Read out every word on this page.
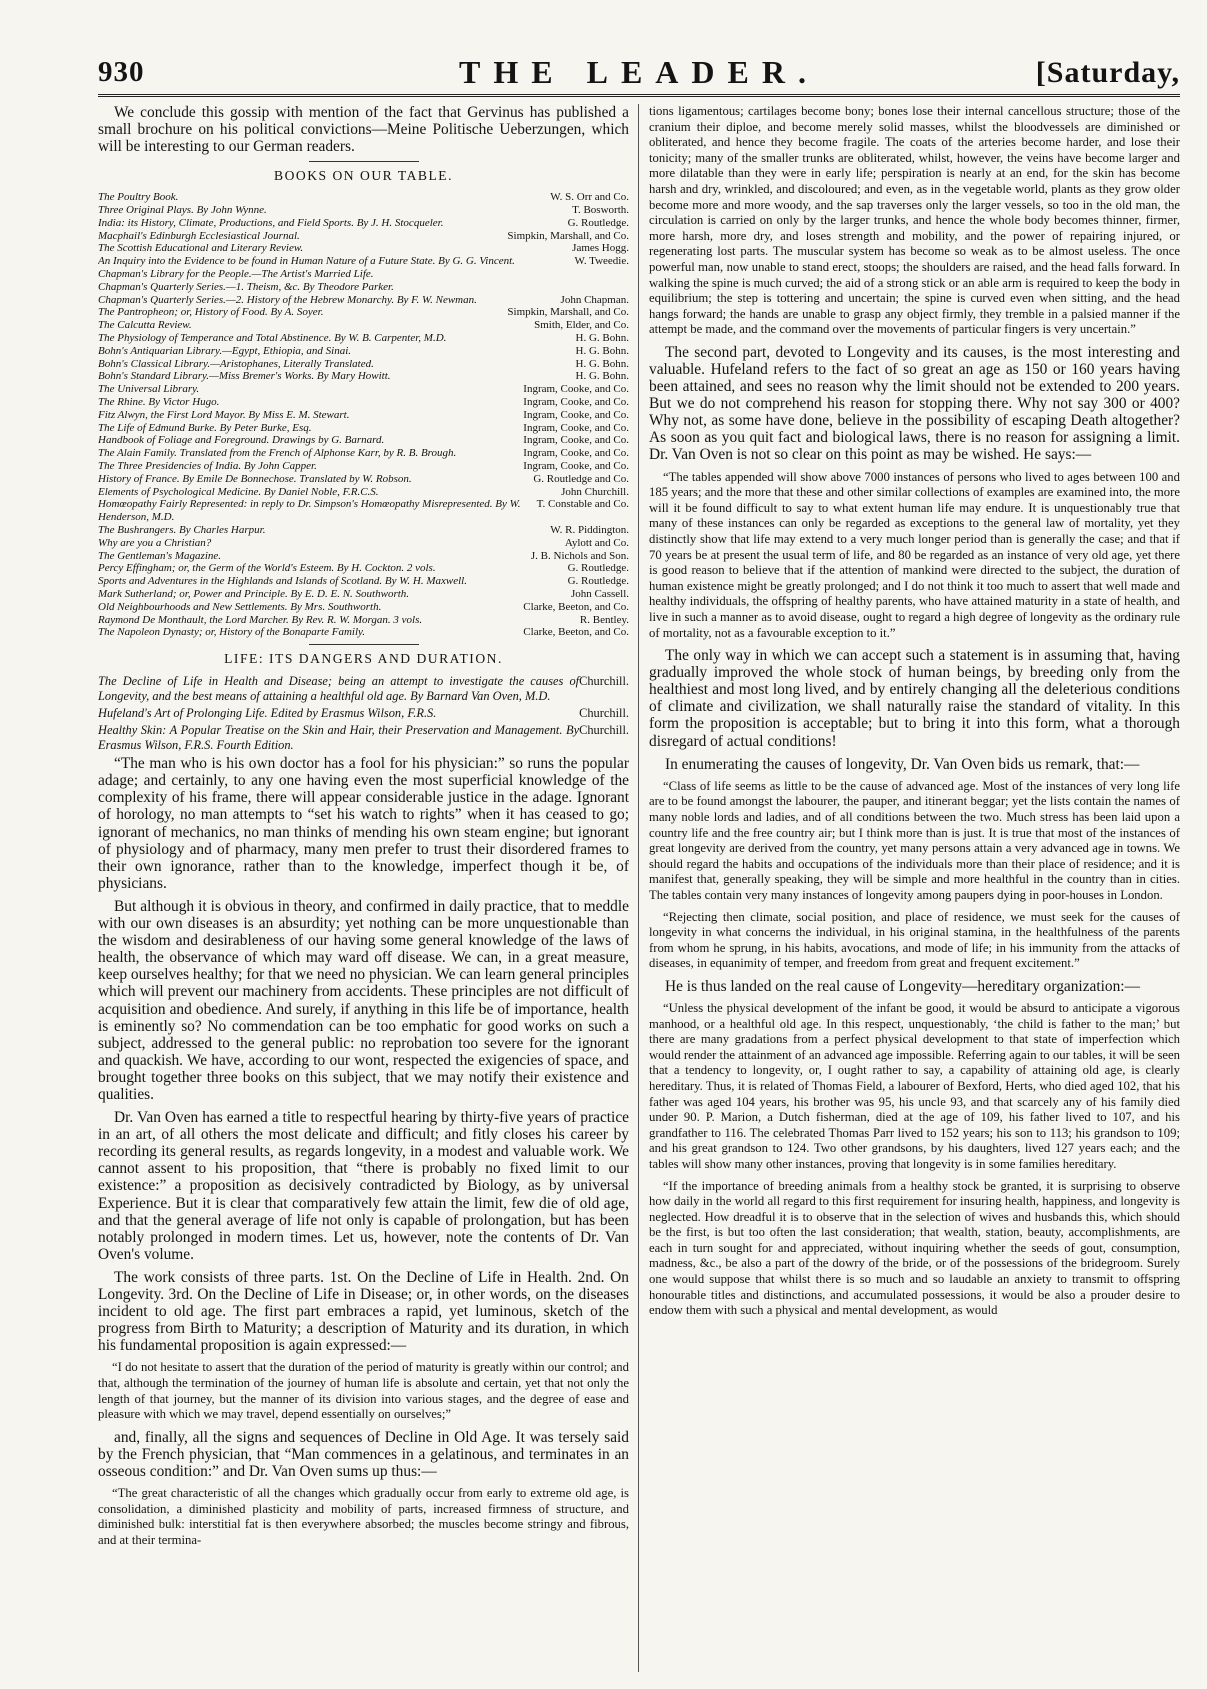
930	THE LEADER.	[Saturday,

We conclude this gossip with mention of the fact that Gervinus has published a small brochure on his political convictions—Meine Politische Ueberzungen, which will be interesting to our German readers.

BOOKS ON OUR TABLE.

W. S. Orr and Co.
The Poultry Book.

T. Bosworth.
Three Original Plays. By John Wynne.

G. Routledge.
India: its History, Climate, Productions, and Field Sports. By J. H. Stocqueler.

Simpkin, Marshall, and Co.
Macphail's Edinburgh Ecclesiastical Journal.

James Hogg.
The Scottish Educational and Literary Review.

W. Tweedie.
An Inquiry into the Evidence to be found in Human Nature of a Future State. By G. G. Vincent.

Chapman's Library for the People.—The Artist's Married Life.

Chapman's Quarterly Series.—1. Theism, &c. By Theodore Parker.

John Chapman.
Chapman's Quarterly Series.—2. History of the Hebrew Monarchy. By F. W. Newman.

Simpkin, Marshall, and Co.
The Pantropheon; or, History of Food. By A. Soyer.

Smith, Elder, and Co.
The Calcutta Review.

H. G. Bohn.
The Physiology of Temperance and Total Abstinence. By W. B. Carpenter, M.D.

H. G. Bohn.
Bohn's Antiquarian Library.—Egypt, Ethiopia, and Sinai.

H. G. Bohn.
Bohn's Classical Library.—Aristophanes, Literally Translated.

H. G. Bohn.
Bohn's Standard Library.—Miss Bremer's Works. By Mary Howitt.

Ingram, Cooke, and Co.
The Universal Library.

Ingram, Cooke, and Co.
The Rhine. By Victor Hugo.

Ingram, Cooke, and Co.
Fitz Alwyn, the First Lord Mayor. By Miss E. M. Stewart.

Ingram, Cooke, and Co.
The Life of Edmund Burke. By Peter Burke, Esq.

Ingram, Cooke, and Co.
Handbook of Foliage and Foreground. Drawings by G. Barnard.

Ingram, Cooke, and Co.
The Alain Family. Translated from the French of Alphonse Karr, by R. B. Brough.

Ingram, Cooke, and Co.
The Three Presidencies of India. By John Capper.

G. Routledge and Co.
History of France. By Emile De Bonnechose. Translated by W. Robson.

John Churchill.
Elements of Psychological Medicine. By Daniel Noble, F.R.C.S.

T. Constable and Co.
Homœopathy Fairly Represented: in reply to Dr. Simpson's Homœopathy Misrepresented. By W. Henderson, M.D.

W. R. Piddington.
The Bushrangers. By Charles Harpur.

Aylott and Co.
Why are you a Christian?

J. B. Nichols and Son.
The Gentleman's Magazine.

G. Routledge.
Percy Effingham; or, the Germ of the World's Esteem. By H. Cockton. 2 vols.

G. Routledge.
Sports and Adventures in the Highlands and Islands of Scotland. By W. H. Maxwell.

John Cassell.
Mark Sutherland; or, Power and Principle. By E. D. E. N. Southworth.

Clarke, Beeton, and Co.
Old Neighbourhoods and New Settlements. By Mrs. Southworth.

R. Bentley.
Raymond De Monthault, the Lord Marcher. By Rev. R. W. Morgan. 3 vols.

Clarke, Beeton, and Co.
The Napoleon Dynasty; or, History of the Bonaparte Family.

LIFE: ITS DANGERS AND DURATION.

Churchill.
The Decline of Life in Health and Disease; being an attempt to investigate the causes of Longevity, and the best means of attaining a healthful old age. By Barnard Van Oven, M.D.

Churchill.
Hufeland's Art of Prolonging Life. Edited by Erasmus Wilson, F.R.S.

Churchill.
Healthy Skin: A Popular Treatise on the Skin and Hair, their Preservation and Management. By Erasmus Wilson, F.R.S. Fourth Edition.

“The man who is his own doctor has a fool for his physician:” so runs the popular adage; and certainly, to any one having even the most superficial knowledge of the complexity of his frame, there will appear considerable justice in the adage. Ignorant of horology, no man attempts to “set his watch to rights” when it has ceased to go; ignorant of mechanics, no man thinks of mending his own steam engine; but ignorant of physiology and of pharmacy, many men prefer to trust their disordered frames to their own ignorance, rather than to the knowledge, imperfect though it be, of physicians.

But although it is obvious in theory, and confirmed in daily practice, that to meddle with our own diseases is an absurdity; yet nothing can be more unquestionable than the wisdom and desirableness of our having some general knowledge of the laws of health, the observance of which may ward off disease. We can, in a great measure, keep ourselves healthy; for that we need no physician. We can learn general principles which will prevent our machinery from accidents. These principles are not difficult of acquisition and obedience. And surely, if anything in this life be of importance, health is eminently so? No commendation can be too emphatic for good works on such a subject, addressed to the general public: no reprobation too severe for the ignorant and quackish. We have, according to our wont, respected the exigencies of space, and brought together three books on this subject, that we may notify their existence and qualities.

Dr. Van Oven has earned a title to respectful hearing by thirty-five years of practice in an art, of all others the most delicate and difficult; and fitly closes his career by recording its general results, as regards longevity, in a modest and valuable work. We cannot assent to his proposition, that “there is probably no fixed limit to our existence:” a proposition as decisively contradicted by Biology, as by universal Experience. But it is clear that comparatively few attain the limit, few die of old age, and that the general average of life not only is capable of prolongation, but has been notably prolonged in modern times. Let us, however, note the contents of Dr. Van Oven's volume.

The work consists of three parts. 1st. On the Decline of Life in Health. 2nd. On Longevity. 3rd. On the Decline of Life in Disease; or, in other words, on the diseases incident to old age. The first part embraces a rapid, yet luminous, sketch of the progress from Birth to Maturity; a description of Maturity and its duration, in which his fundamental proposition is again expressed:—

“I do not hesitate to assert that the duration of the period of maturity is greatly within our control; and that, although the termination of the journey of human life is absolute and certain, yet that not only the length of that journey, but the manner of its division into various stages, and the degree of ease and pleasure with which we may travel, depend essentially on ourselves;”

and, finally, all the signs and sequences of Decline in Old Age. It was tersely said by the French physician, that “Man commences in a gelatinous, and terminates in an osseous condition:” and Dr. Van Oven sums up thus:—

“The great characteristic of all the changes which gradually occur from early to extreme old age, is consolidation, a diminished plasticity and mobility of parts, increased firmness of structure, and diminished bulk: interstitial fat is then everywhere absorbed; the muscles become stringy and fibrous, and at their termina-

tions ligamentous; cartilages become bony; bones lose their internal cancellous structure; those of the cranium their diploe, and become merely solid masses, whilst the bloodvessels are diminished or obliterated, and hence they become fragile. The coats of the arteries become harder, and lose their tonicity; many of the smaller trunks are obliterated, whilst, however, the veins have become larger and more dilatable than they were in early life; perspiration is nearly at an end, for the skin has become harsh and dry, wrinkled, and discoloured; and even, as in the vegetable world, plants as they grow older become more and more woody, and the sap traverses only the larger vessels, so too in the old man, the circulation is carried on only by the larger trunks, and hence the whole body becomes thinner, firmer, more harsh, more dry, and loses strength and mobility, and the power of repairing injured, or regenerating lost parts. The muscular system has become so weak as to be almost useless. The once powerful man, now unable to stand erect, stoops; the shoulders are raised, and the head falls forward. In walking the spine is much curved; the aid of a strong stick or an able arm is required to keep the body in equilibrium; the step is tottering and uncertain; the spine is curved even when sitting, and the head hangs forward; the hands are unable to grasp any object firmly, they tremble in a palsied manner if the attempt be made, and the command over the movements of particular fingers is very uncertain.”

The second part, devoted to Longevity and its causes, is the most interesting and valuable. Hufeland refers to the fact of so great an age as 150 or 160 years having been attained, and sees no reason why the limit should not be extended to 200 years. But we do not comprehend his reason for stopping there. Why not say 300 or 400? Why not, as some have done, believe in the possibility of escaping Death altogether? As soon as you quit fact and biological laws, there is no reason for assigning a limit. Dr. Van Oven is not so clear on this point as may be wished. He says:—

“The tables appended will show above 7000 instances of persons who lived to ages between 100 and 185 years; and the more that these and other similar collections of examples are examined into, the more will it be found difficult to say to what extent human life may endure. It is unquestionably true that many of these instances can only be regarded as exceptions to the general law of mortality, yet they distinctly show that life may extend to a very much longer period than is generally the case; and that if 70 years be at present the usual term of life, and 80 be regarded as an instance of very old age, yet there is good reason to believe that if the attention of mankind were directed to the subject, the duration of human existence might be greatly prolonged; and I do not think it too much to assert that well made and healthy individuals, the offspring of healthy parents, who have attained maturity in a state of health, and live in such a manner as to avoid disease, ought to regard a high degree of longevity as the ordinary rule of mortality, not as a favourable exception to it.”

The only way in which we can accept such a statement is in assuming that, having gradually improved the whole stock of human beings, by breeding only from the healthiest and most long lived, and by entirely changing all the deleterious conditions of climate and civilization, we shall naturally raise the standard of vitality. In this form the proposition is acceptable; but to bring it into this form, what a thorough disregard of actual conditions!

In enumerating the causes of longevity, Dr. Van Oven bids us remark, that:—

“Class of life seems as little to be the cause of advanced age. Most of the instances of very long life are to be found amongst the labourer, the pauper, and itinerant beggar; yet the lists contain the names of many noble lords and ladies, and of all conditions between the two. Much stress has been laid upon a country life and the free country air; but I think more than is just. It is true that most of the instances of great longevity are derived from the country, yet many persons attain a very advanced age in towns. We should regard the habits and occupations of the individuals more than their place of residence; and it is manifest that, generally speaking, they will be simple and more healthful in the country than in cities. The tables contain very many instances of longevity among paupers dying in poor-houses in London.

“Rejecting then climate, social position, and place of residence, we must seek for the causes of longevity in what concerns the individual, in his original stamina, in the healthfulness of the parents from whom he sprung, in his habits, avocations, and mode of life; in his immunity from the attacks of diseases, in equanimity of temper, and freedom from great and frequent excitement.”

He is thus landed on the real cause of Longevity—hereditary organization:—

“Unless the physical development of the infant be good, it would be absurd to anticipate a vigorous manhood, or a healthful old age. In this respect, unquestionably, ‘the child is father to the man;’ but there are many gradations from a perfect physical development to that state of imperfection which would render the attainment of an advanced age impossible. Referring again to our tables, it will be seen that a tendency to longevity, or, I ought rather to say, a capability of attaining old age, is clearly hereditary. Thus, it is related of Thomas Field, a labourer of Bexford, Herts, who died aged 102, that his father was aged 104 years, his brother was 95, his uncle 93, and that scarcely any of his family died under 90. P. Marion, a Dutch fisherman, died at the age of 109, his father lived to 107, and his grandfather to 116. The celebrated Thomas Parr lived to 152 years; his son to 113; his grandson to 109; and his great grandson to 124. Two other grandsons, by his daughters, lived 127 years each; and the tables will show many other instances, proving that longevity is in some families hereditary.

“If the importance of breeding animals from a healthy stock be granted, it is surprising to observe how daily in the world all regard to this first requirement for insuring health, happiness, and longevity is neglected. How dreadful it is to observe that in the selection of wives and husbands this, which should be the first, is but too often the last consideration; that wealth, station, beauty, accomplishments, are each in turn sought for and appreciated, without inquiring whether the seeds of gout, consumption, madness, &c., be also a part of the dowry of the bride, or of the possessions of the bridegroom. Surely one would suppose that whilst there is so much and so laudable an anxiety to transmit to offspring honourable titles and distinctions, and accumulated possessions, it would be also a prouder desire to endow them with such a physical and mental development, as would
